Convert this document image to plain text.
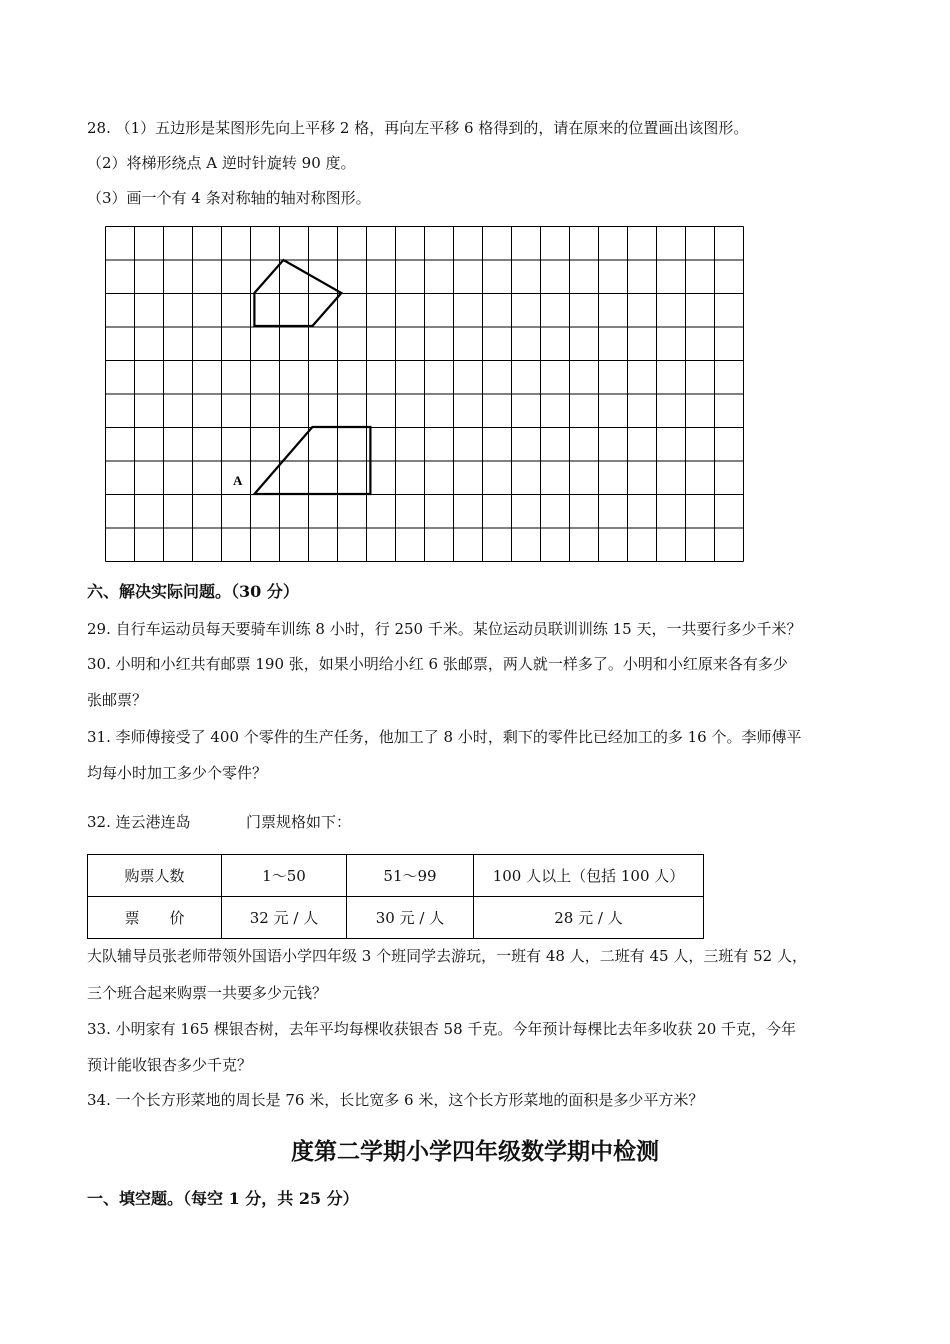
28. （1）五边形是某图形先向上平移 2 格，再向左平移 6 格得到的，请在原来的位置画出该图形。
（2）将梯形绕点 A 逆时针旋转 90 度。
（3）画一个有 4 条对称轴的轴对称图形。
A
六、解决实际问题。（30 分）
29. 自行车运动员每天要骑车训练 8 小时，行 250 千米。某位运动员联训训练 15 天，一共要行多少千米？
30. 小明和小红共有邮票 190 张，如果小明给小红 6 张邮票，两人就一样多了。小明和小红原来各有多少
张邮票？
31. 李师傅接受了 400 个零件的生产任务，他加工了 8 小时，剩下的零件比已经加工的多 16 个。李师傅平
均每小时加工多少个零件？
32. 连云港连岛	门票规格如下：
购票人数	1～50	51～99	100 人以上（包括 100 人）
票　　价	32 元 / 人	30 元 / 人	28 元 / 人
大队辅导员张老师带领外国语小学四年级 3 个班同学去游玩，一班有 48 人，二班有 45 人，三班有 52 人，
三个班合起来购票一共要多少元钱？
33. 小明家有 165 棵银杏树，去年平均每棵收获银杏 58 千克。今年预计每棵比去年多收获 20 千克，今年
预计能收银杏多少千克？
34. 一个长方形菜地的周长是 76 米，长比宽多 6 米，这个长方形菜地的面积是多少平方米？
度第二学期小学四年级数学期中检测
一、填空题。（每空 1 分，共 25 分）
